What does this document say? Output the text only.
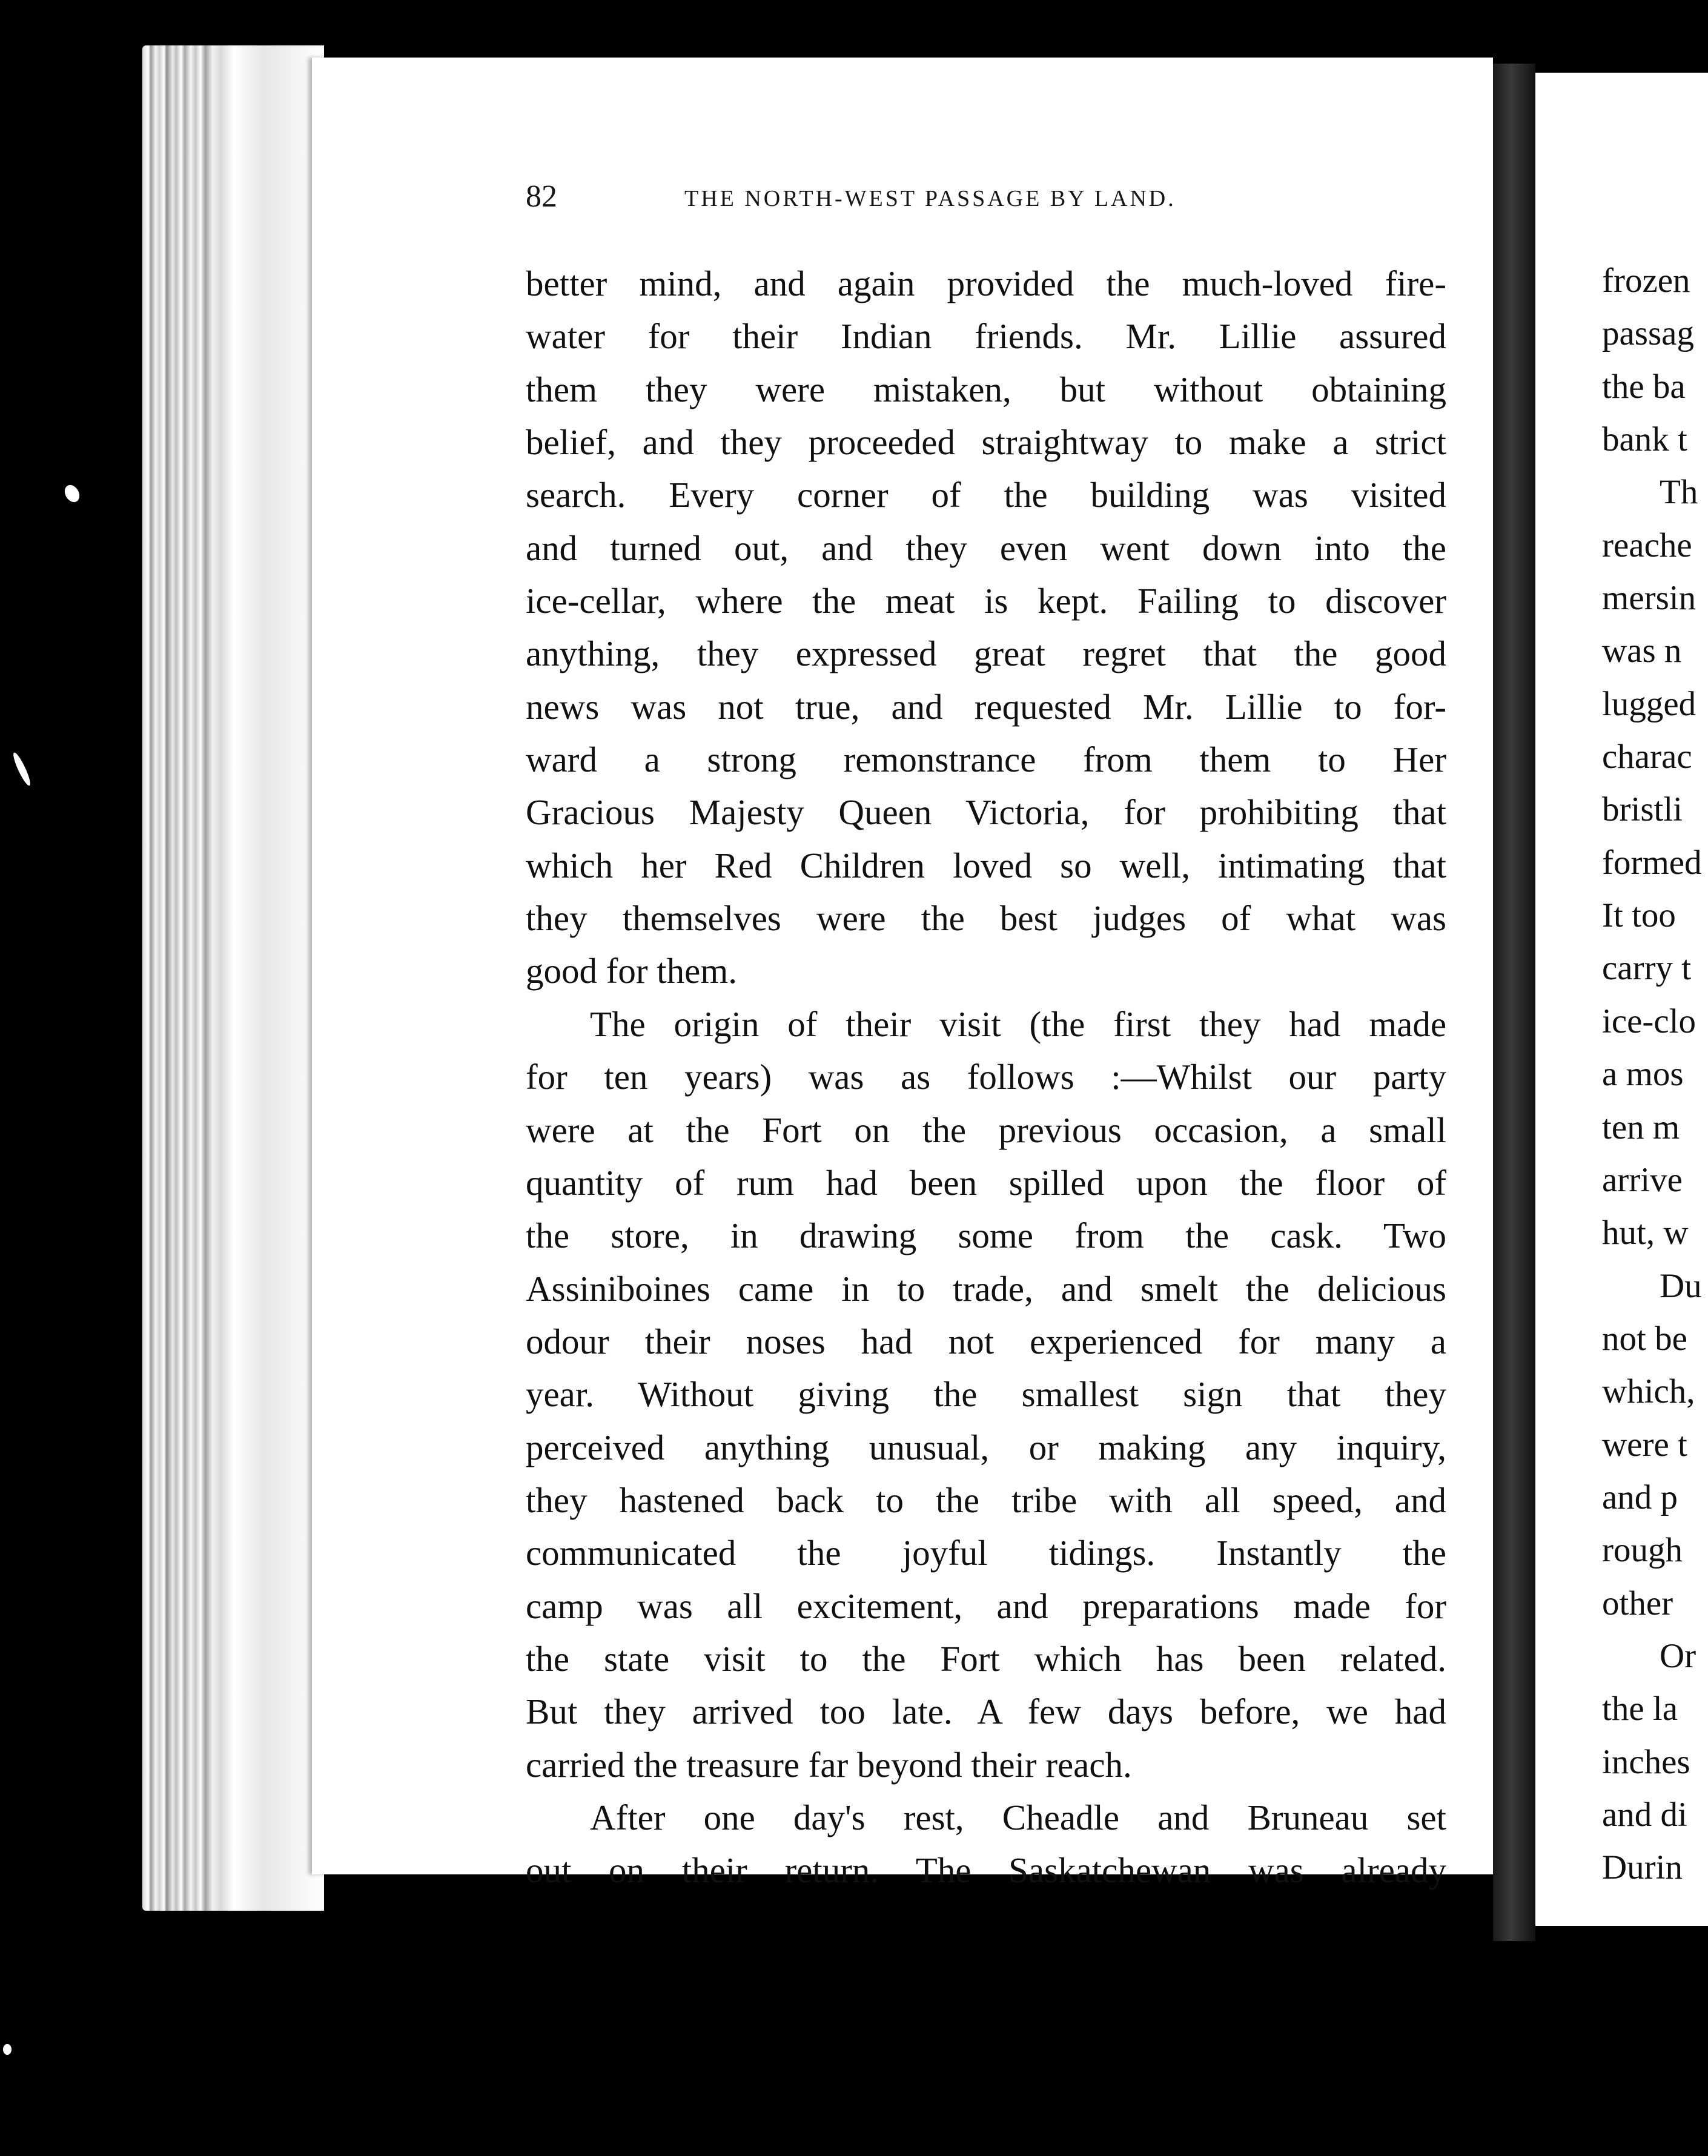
frozen
passag
the ba
bank t
Th
reache
mersin
was n
lugged
charac
bristli
formed
It too
carry t
ice-clo
a mos
ten m
arrive
hut, w
Du
not be
which,
were t
and p
rough
other
Or
the la
inches
and di
Durin
82	THE NORTH-WEST PASSAGE BY LAND.
better mind, and again provided the much-loved fire-
water for their Indian friends. Mr. Lillie assured
them they were mistaken, but without obtaining
belief, and they proceeded straightway to make a strict
search. Every corner of the building was visited
and turned out, and they even went down into the
ice-cellar, where the meat is kept. Failing to discover
anything, they expressed great regret that the good
news was not true, and requested Mr. Lillie to for-
ward a strong remonstrance from them to Her
Gracious Majesty Queen Victoria, for prohibiting that
which her Red Children loved so well, intimating that
they themselves were the best judges of what was
good for them.
The origin of their visit (the first they had made
for ten years) was as follows :—Whilst our party
were at the Fort on the previous occasion, a small
quantity of rum had been spilled upon the floor of
the store, in drawing some from the cask. Two
Assiniboines came in to trade, and smelt the delicious
odour their noses had not experienced for many a
year. Without giving the smallest sign that they
perceived anything unusual, or making any inquiry,
they hastened back to the tribe with all speed, and
communicated the joyful tidings. Instantly the
camp was all excitement, and preparations made for
the state visit to the Fort which has been related.
But they arrived too late. A few days before, we had
carried the treasure far beyond their reach.
After one day's rest, Cheadle and Bruneau set
out on their return. The Saskatchewan was already
